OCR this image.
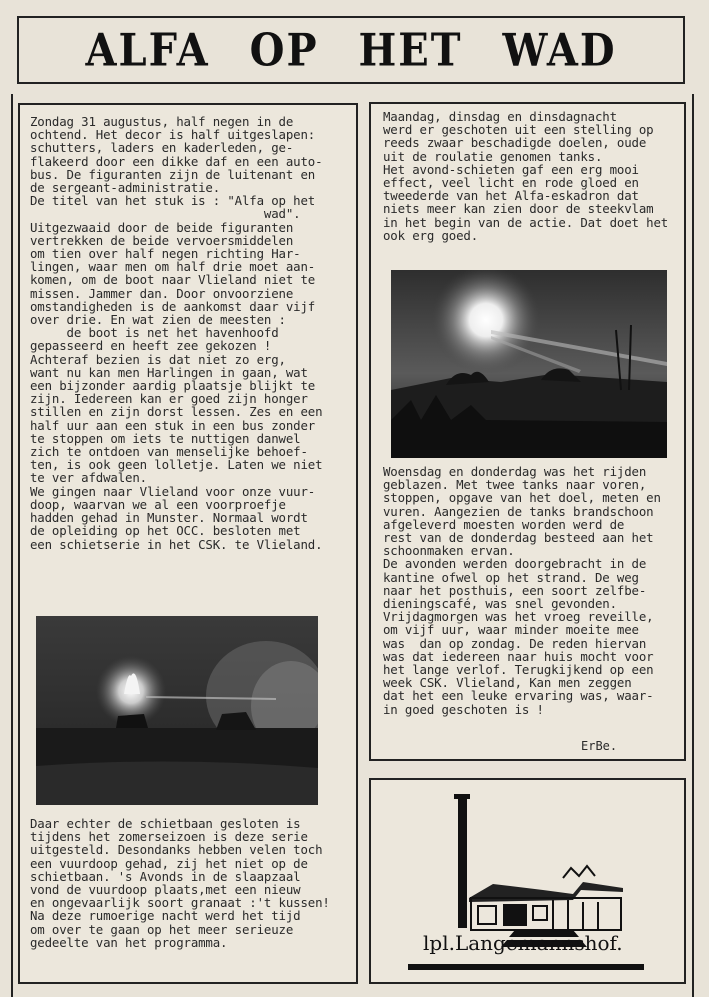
ALFA OP HET WAD
Zondag 31 augustus, half negen in de
ochtend. Het decor is half uitgeslapen:
schutters, laders en kaderleden, ge-
flakeerd door een dikke daf en een auto-
bus. De figuranten zijn de luitenant en
de sergeant-administratie.
De titel van het stuk is : "Alfa op het
wad".
Uitgezwaaid door de beide figuranten
vertrekken de beide vervoersmiddelen
om tien over half negen richting Har-
lingen, waar men om half drie moet aan-
komen, om de boot naar Vlieland niet te
missen. Jammer dan. Door onvoorziene
omstandigheden is de aankomst daar vijf
over drie. En wat zien de meesten :
de boot is net het havenhoofd
gepasseerd en heeft zee gekozen !
Achteraf bezien is dat niet zo erg,
want nu kan men Harlingen in gaan, wat
een bijzonder aardig plaatsje blijkt te
zijn. Iedereen kan er goed zijn honger
stillen en zijn dorst lessen. Zes en een
half uur aan een stuk in een bus zonder
te stoppen om iets te nuttigen danwel
zich te ontdoen van menselijke behoef-
ten, is ook geen lolletje. Laten we niet
te ver afdwalen.
We gingen naar Vlieland voor onze vuur-
doop, waarvan we al een voorproefje
hadden gehad in Munster. Normaal wordt
de opleiding op het OCC. besloten met
een schietserie in het CSK. te Vlieland.
Daar echter de schietbaan gesloten is
tijdens het zomerseizoen is deze serie
uitgesteld. Desondanks hebben velen toch
een vuurdoop gehad, zij het niet op de
schietbaan. 's Avonds in de slaapzaal
vond de vuurdoop plaats,met een nieuw
en ongevaarlijk soort granaat :'t kussen!
Na deze rumoerige nacht werd het tijd
om over te gaan op het meer serieuze
gedeelte van het programma.
Maandag, dinsdag en dinsdagnacht
werd er geschoten uit een stelling op
reeds zwaar beschadigde doelen, oude
uit de roulatie genomen tanks.
Het avond-schieten gaf een erg mooi
effect, veel licht en rode gloed en
tweederde van het Alfa-eskadron dat
niets meer kan zien door de steekvlam
in het begin van de actie. Dat doet het
ook erg goed.
Woensdag en donderdag was het rijden
geblazen. Met twee tanks naar voren,
stoppen, opgave van het doel, meten en
vuren. Aangezien de tanks brandschoon
afgeleverd moesten worden werd de
rest van de donderdag besteed aan het
schoonmaken ervan.
De avonden werden doorgebracht in de
kantine ofwel op het strand. De weg
naar het posthuis, een soort zelfbe-
dieningscafé, was snel gevonden.
Vrijdagmorgen was het vroeg reveille,
om vijf uur, waar minder moeite mee
was  dan op zondag. De reden hiervan
was dat iedereen naar huis mocht voor
het lange verlof. Terugkijkend op een
week CSK. Vlieland, Kan men zeggen
dat het een leuke ervaring was, waar-
in goed geschoten is !
ErBe.
lpl.Langemannshof.
